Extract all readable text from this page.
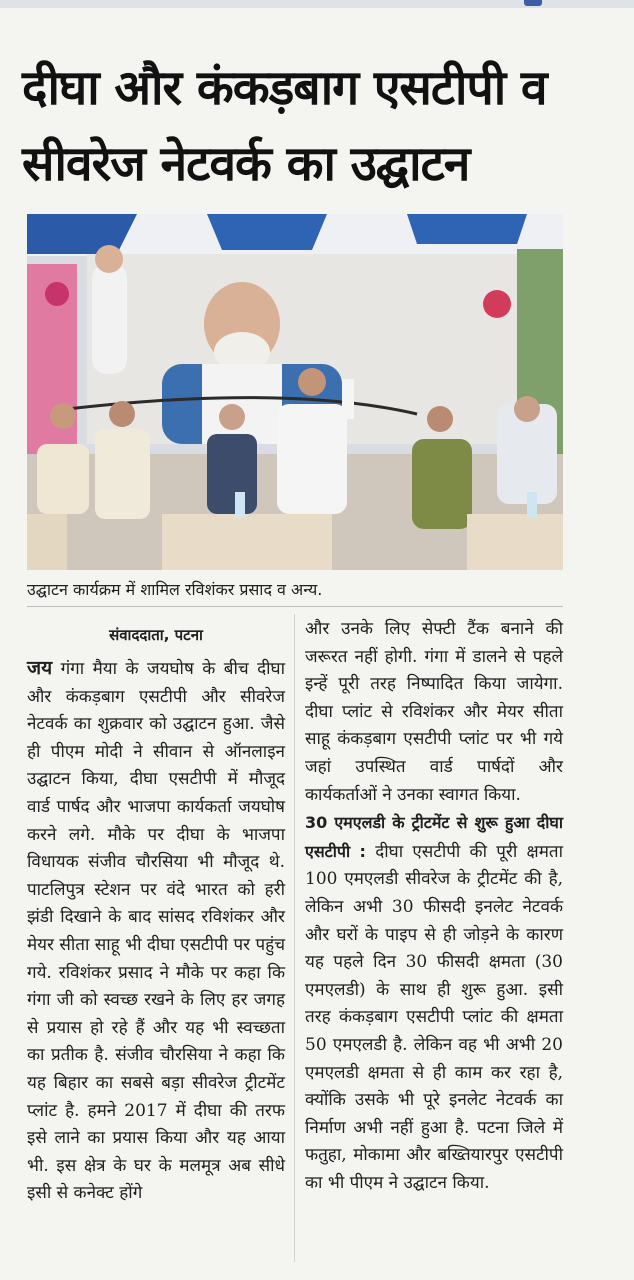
दीघा और कंकड़बाग एसटीपी व सीवरेज नेटवर्क का उद्घाटन

उद्घाटन कार्यक्रम में शामिल रविशंकर प्रसाद व अन्य.

संवाददाता, पटना

जय गंगा मैया के जयघोष के बीच दीघा और कंकड़बाग एसटीपी और सीवरेज नेटवर्क का शुक्रवार को उद्घाटन हुआ. जैसे ही पीएम मोदी ने सीवान से ऑनलाइन उद्घाटन किया, दीघा एसटीपी में मौजूद वार्ड पार्षद और भाजपा कार्यकर्ता जयघोष करने लगे. मौके पर दीघा के भाजपा विधायक संजीव चौरसिया भी मौजूद थे. पाटलिपुत्र स्टेशन पर वंदे भारत को हरी झंडी दिखाने के बाद सांसद रविशंकर और मेयर सीता साहू भी दीघा एसटीपी पर पहुंच गये. रविशंकर प्रसाद ने मौके पर कहा कि गंगा जी को स्वच्छ रखने के लिए हर जगह से प्रयास हो रहे हैं और यह भी स्वच्छता का प्रतीक है. संजीव चौरसिया ने कहा कि यह बिहार का सबसे बड़ा सीवरेज ट्रीटमेंट प्लांट है. हमने 2017 में दीघा की तरफ इसे लाने का प्रयास किया और यह आया भी. इस क्षेत्र के घर के मलमूत्र अब सीधे इसी से कनेक्ट होंगे

और उनके लिए सेफ्टी टैंक बनाने की जरूरत नहीं होगी. गंगा में डालने से पहले इन्हें पूरी तरह निष्पादित किया जायेगा. दीघा प्लांट से रविशंकर और मेयर सीता साहू कंकड़बाग एसटीपी प्लांट पर भी गये जहां उपस्थित वार्ड पार्षदों और कार्यकर्ताओं ने उनका स्वागत किया.

30 एमएलडी के ट्रीटमेंट से शुरू हुआ दीघा एसटीपी : दीघा एसटीपी की पूरी क्षमता 100 एमएलडी सीवरेज के ट्रीटमेंट की है, लेकिन अभी 30 फीसदी इनलेट नेटवर्क और घरों के पाइप से ही जोड़ने के कारण यह पहले दिन 30 फीसदी क्षमता (30 एमएलडी) के साथ ही शुरू हुआ. इसी तरह कंकड़बाग एसटीपी प्लांट की क्षमता 50 एमएलडी है. लेकिन वह भी अभी 20 एमएलडी क्षमता से ही काम कर रहा है, क्योंकि उसके भी पूरे इनलेट नेटवर्क का निर्माण अभी नहीं हुआ है. पटना जिले में फतुहा, मोकामा और बख्तियारपुर एसटीपी का भी पीएम ने उद्घाटन किया.
